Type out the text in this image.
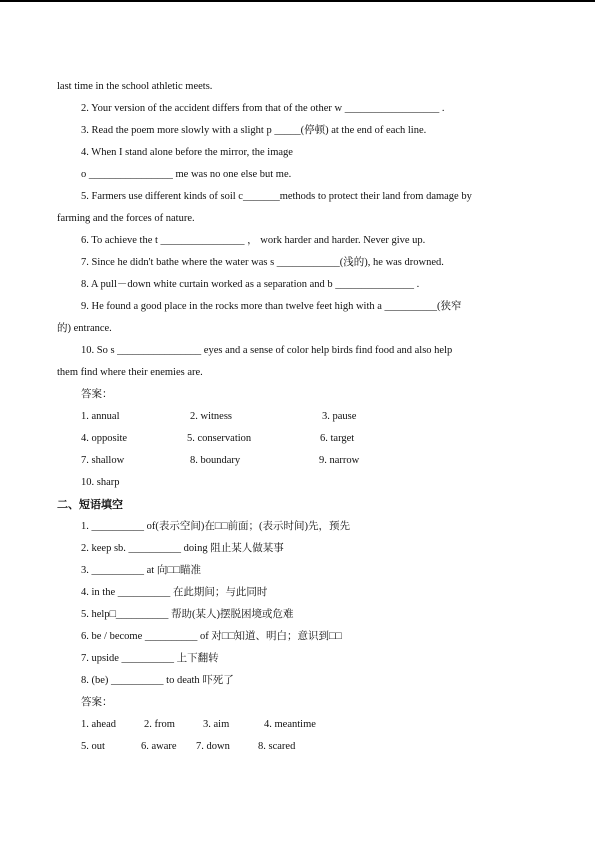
last time in the school athletic meets.
2. Your version of the accident differs from that of the other w __________________ .
3. Read the poem more slowly with a slight p _____(停顿) at the end of each line.
4. When I stand alone before the mirror, the image
o ________________ me was no one else but me.
5. Farmers use different kinds of soil c_______methods to protect their land from damage by
farming and the forces of nature.
6. To achieve the t ________________ ， work harder and harder. Never give up.
7. Since he didn't bathe where the water was s ____________(浅的), he was drowned.
8. A pull－down white curtain worked as a separation and b _______________ .
9. He found a good place in the rocks more than twelve feet high with a __________(狭窄
的) entrance.
10. So s ________________ eyes and a sense of color help birds find food and also help
them find where their enemies are.
答案：
1. annual	2. witness	3. pause
4. opposite	5. conservation	6. target
7. shallow	8. boundary	9. narrow
10. sharp
二、短语填空
1. __________ of(表示空间)在□□前面；(表示时间)先，预先
2. keep sb. __________ doing 阻止某人做某事
3. __________ at 向□□瞄准
4. in the __________ 在此期间；与此同时
5. help□__________ 帮助(某人)摆脱困境或危难
6. be / become __________ of 对□□知道、明白；意识到□□
7. upside __________ 上下翻转
8. (be) __________ to death 吓死了
答案：
1. ahead	2. from	3. aim	4. meantime
5. out	6. aware 7. down	8. scared
